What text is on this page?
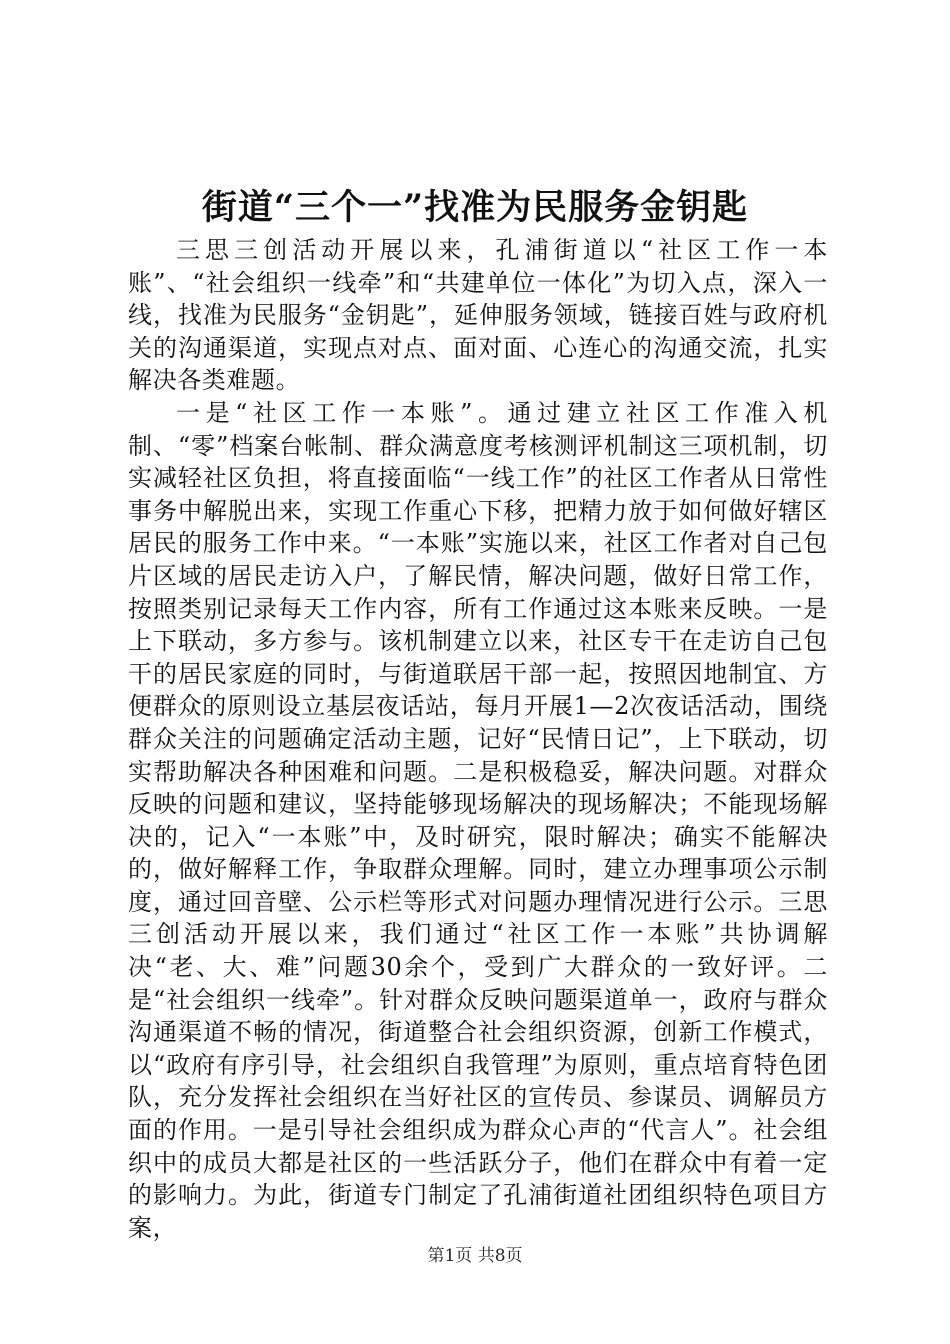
街道“三个一”找准为民服务金钥匙

三思三创活动开展以来，孔浦街道以“社区工作一本账”、“社会组织一线牵”和“共建单位一体化”为切入点，深入一线，找准为民服务“金钥匙”，延伸服务领域，链接百姓与政府机关的沟通渠道，实现点对点、面对面、心连心的沟通交流，扎实解决各类难题。

一是“社区工作一本账”。通过建立社区工作准入机制、“零”档案台帐制、群众满意度考核测评机制这三项机制，切实减轻社区负担，将直接面临“一线工作”的社区工作者从日常性事务中解脱出来，实现工作重心下移，把精力放于如何做好辖区居民的服务工作中来。“一本账”实施以来，社区工作者对自己包片区域的居民走访入户，了解民情，解决问题，做好日常工作，按照类别记录每天工作内容，所有工作通过这本账来反映。一是上下联动，多方参与。该机制建立以来，社区专干在走访自己包干的居民家庭的同时，与街道联居干部一起，按照因地制宜、方便群众的原则设立基层夜话站，每月开展1—2次夜话活动，围绕群众关注的问题确定活动主题，记好“民情日记”，上下联动，切实帮助解决各种困难和问题。二是积极稳妥，解决问题。对群众反映的问题和建议，坚持能够现场解决的现场解决；不能现场解决的，记入“一本账”中，及时研究，限时解决；确实不能解决的，做好解释工作，争取群众理解。同时，建立办理事项公示制度，通过回音壁、公示栏等形式对问题办理情况进行公示。三思三创活动开展以来，我们通过“社区工作一本账”共协调解决“老、大、难”问题30余个，受到广大群众的一致好评。二是“社会组织一线牵”。针对群众反映问题渠道单一，政府与群众沟通渠道不畅的情况，街道整合社会组织资源，创新工作模式，以“政府有序引导，社会组织自我管理”为原则，重点培育特色团队，充分发挥社会组织在当好社区的宣传员、参谋员、调解员方面的作用。一是引导社会组织成为群众心声的“代言人”。社会组织中的成员大都是社区的一些活跃分子，他们在群众中有着一定的影响力。为此，街道专门制定了孔浦街道社团组织特色项目方案，

第1页 共8页
